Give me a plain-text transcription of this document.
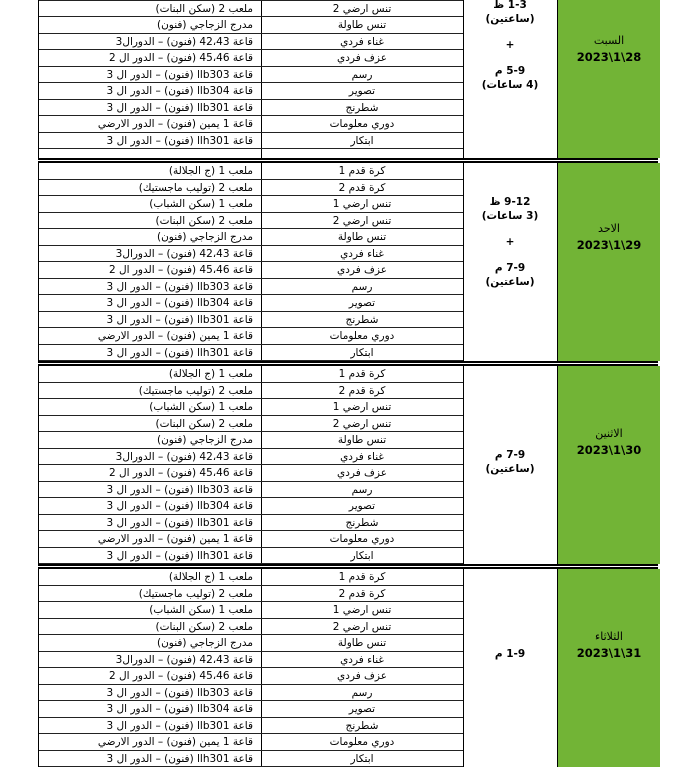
ملعب 2 (سكن البنات)
مدرج الزجاجي (فنون)
قاعة 42،43 (فنون) – الدورال3
قاعة 45،46 (فنون) – الدور ال 2
قاعة llb303 (فنون) – الدور ال 3
قاعة llb304 (فنون) – الدور ال 3
قاعة llb301 (فنون) – الدور ال 3
قاعة 1 يمين (فنون) – الدور الارضي
قاعة llh301 (فنون) – الدور ال 3
تنس ارضي 2
تنس طاولة
غناء فردي
عزف فردي
رسم
تصوير
شطرنج
دوري معلومات
ابتكار
1-3 ظ
(ساعتين)
+
5-9 م
(4 ساعات)
السبت
2023\1\28
ملعب 1 (ج الجلالة)
ملعب 2 (توليب ماجستيك)
ملعب 1 (سكن الشباب)
ملعب 2 (سكن البنات)
مدرج الزجاجي (فنون)
قاعة 42،43 (فنون) – الدورال3
قاعة 45،46 (فنون) – الدور ال 2
قاعة llb303 (فنون) – الدور ال 3
قاعة llb304 (فنون) – الدور ال 3
قاعة llb301 (فنون) – الدور ال 3
قاعة 1 يمين (فنون) – الدور الارضي
قاعة llh301 (فنون) – الدور ال 3
كرة قدم 1
كرة قدم 2
تنس ارضي 1
تنس ارضي 2
تنس طاولة
غناء فردي
عزف فردي
رسم
تصوير
شطرنج
دوري معلومات
ابتكار
9-12 ظ
(3 ساعات)
+
7-9 م
(ساعتين)
الاحد
2023\1\29
ملعب 1 (ج الجلالة)
ملعب 2 (توليب ماجستيك)
ملعب 1 (سكن الشباب)
ملعب 2 (سكن البنات)
مدرج الزجاجي (فنون)
قاعة 42،43 (فنون) – الدورال3
قاعة 45،46 (فنون) – الدور ال 2
قاعة llb303 (فنون) – الدور ال 3
قاعة llb304 (فنون) – الدور ال 3
قاعة llb301 (فنون) – الدور ال 3
قاعة 1 يمين (فنون) – الدور الارضي
قاعة llh301 (فنون) – الدور ال 3
كرة قدم 1
كرة قدم 2
تنس ارضي 1
تنس ارضي 2
تنس طاولة
غناء فردي
عزف فردي
رسم
تصوير
شطرنج
دوري معلومات
ابتكار
7-9 م
(ساعتين)
الاثنين
2023\1\30
ملعب 1 (ج الجلالة)
ملعب 2 (توليب ماجستيك)
ملعب 1 (سكن الشباب)
ملعب 2 (سكن البنات)
مدرج الزجاجي (فنون)
قاعة 42،43 (فنون) – الدورال3
قاعة 45،46 (فنون) – الدور ال 2
قاعة llb303 (فنون) – الدور ال 3
قاعة llb304 (فنون) – الدور ال 3
قاعة llb301 (فنون) – الدور ال 3
قاعة 1 يمين (فنون) – الدور الارضي
قاعة llh301 (فنون) – الدور ال 3
كرة قدم 1
كرة قدم 2
تنس ارضي 1
تنس ارضي 2
تنس طاولة
غناء فردي
عزف فردي
رسم
تصوير
شطرنج
دوري معلومات
ابتكار
1-9 م
الثلاثاء
2023\1\31
